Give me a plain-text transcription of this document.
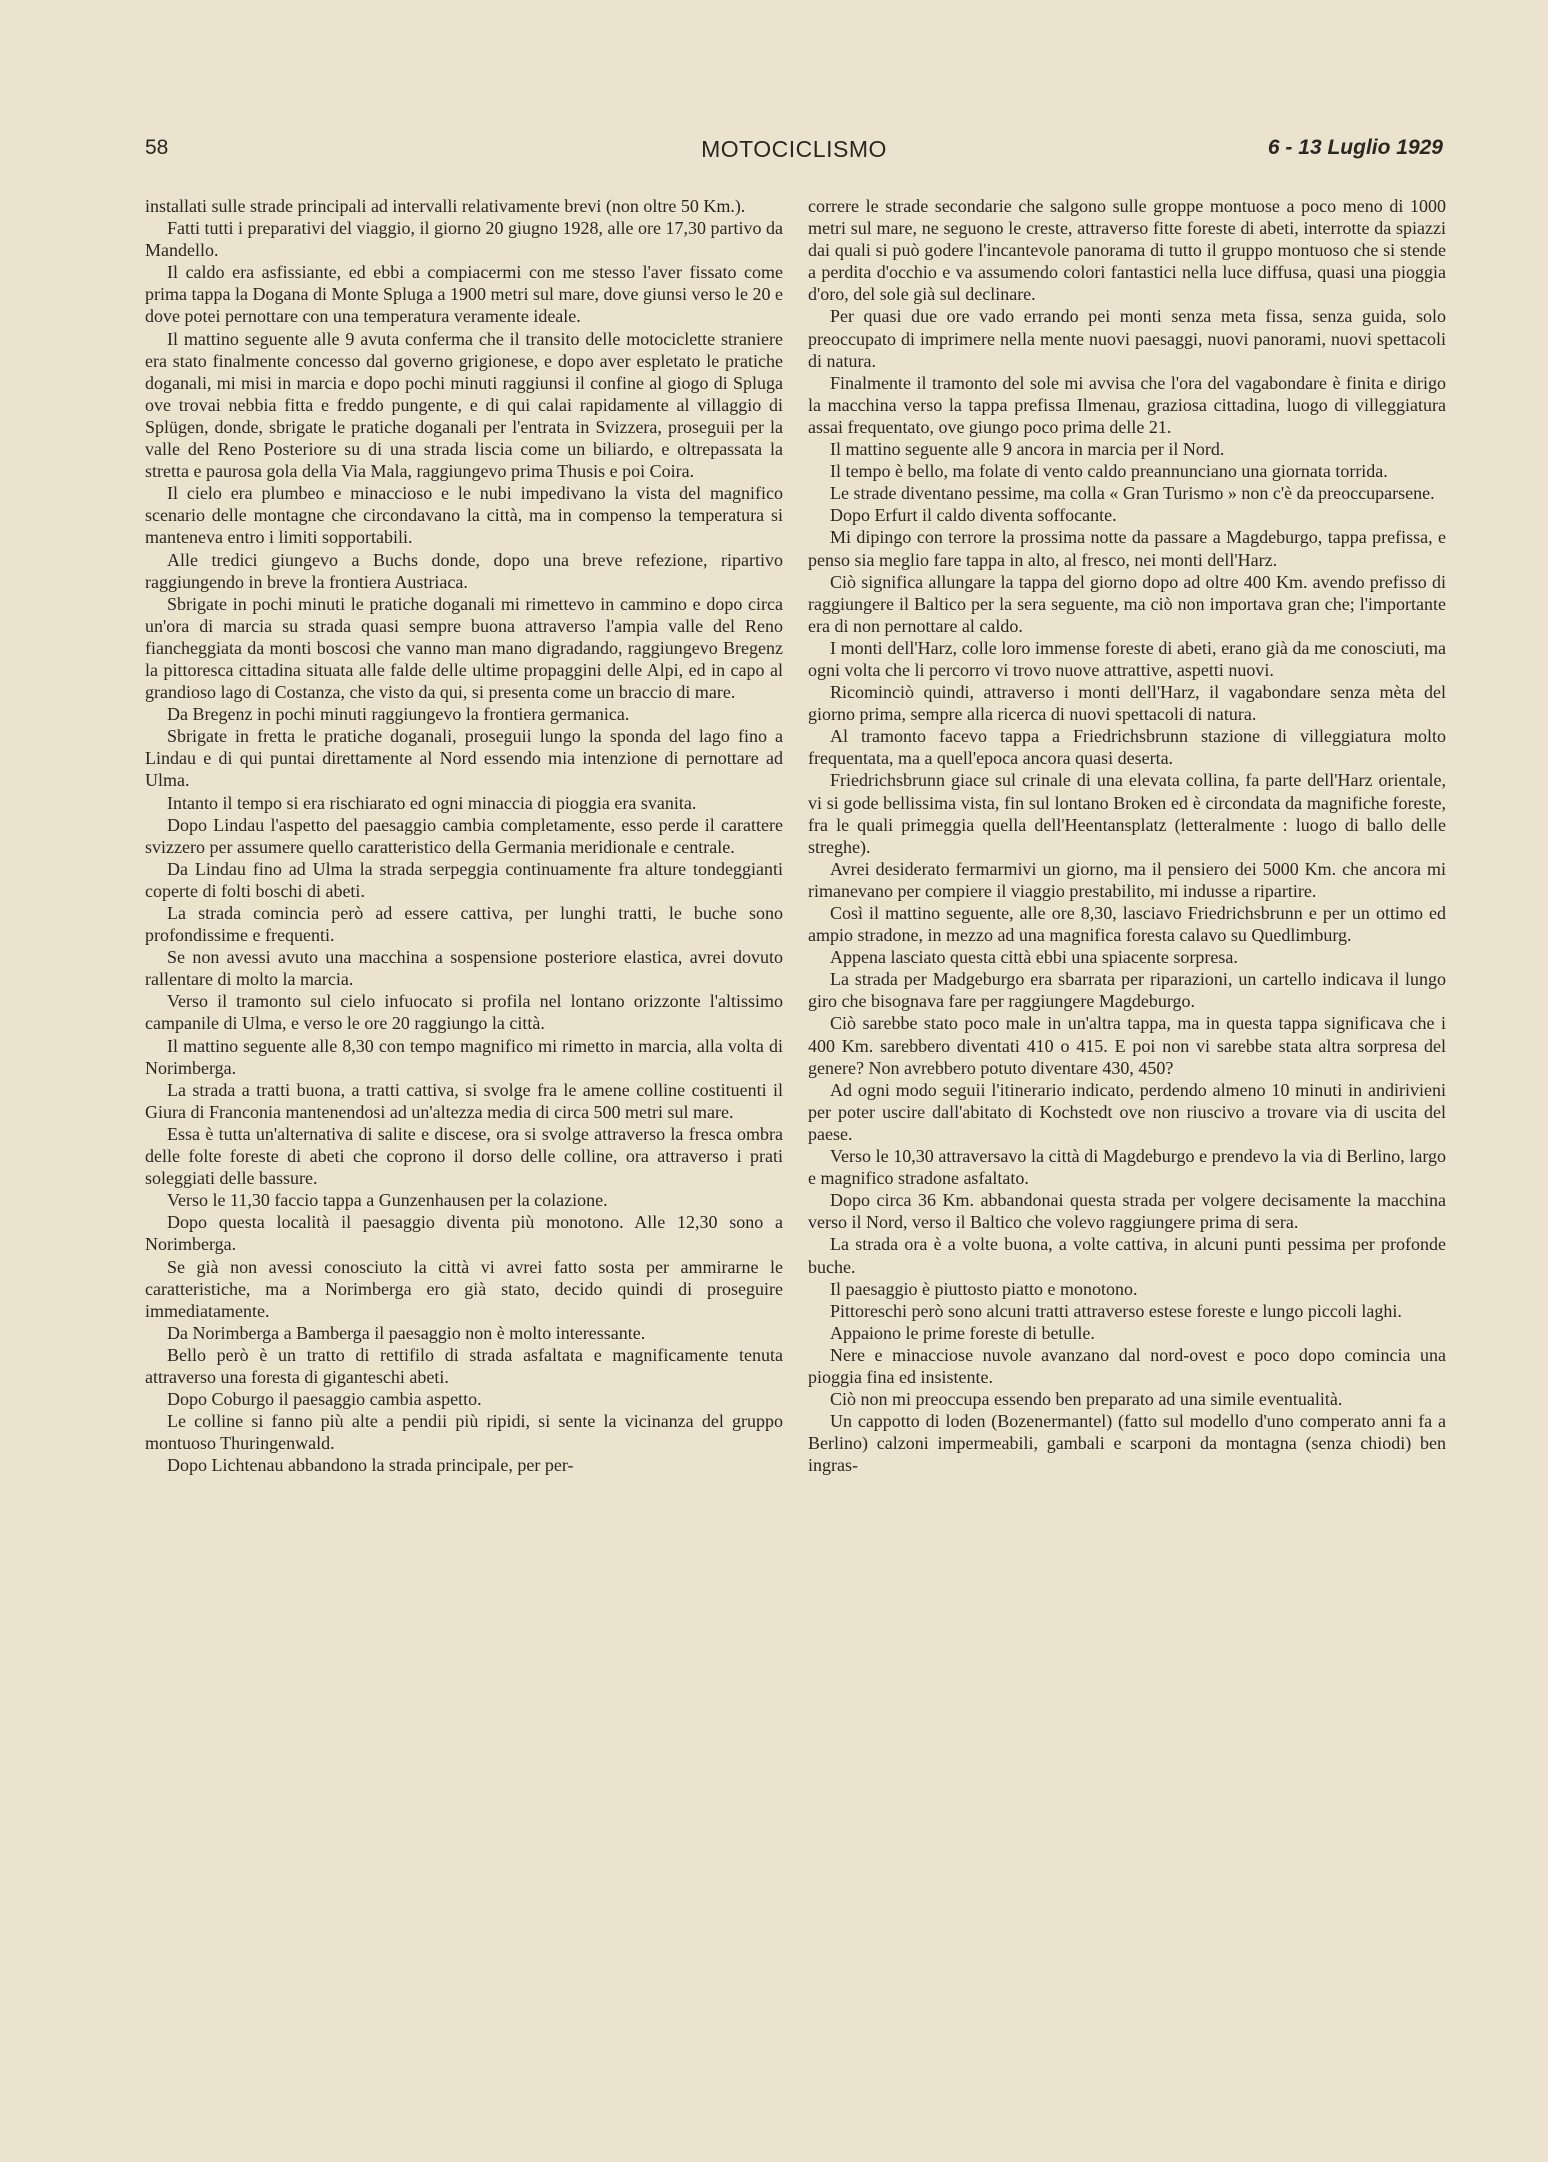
58	MOTOCICLISMO	6 - 13 Luglio 1929

installati sulle strade principali ad intervalli relativamente brevi (non oltre 50 Km.).

Fatti tutti i preparativi del viaggio, il giorno 20 giugno 1928, alle ore 17,30 partivo da Mandello.

Il caldo era asfissiante, ed ebbi a compiacermi con me stesso l'aver fissato come prima tappa la Dogana di Monte Spluga a 1900 metri sul mare, dove giunsi verso le 20 e dove potei pernottare con una temperatura veramente ideale.

Il mattino seguente alle 9 avuta conferma che il transito delle motociclette straniere era stato finalmente concesso dal governo grigionese, e dopo aver espletato le pratiche doganali, mi misi in marcia e dopo pochi minuti raggiunsi il confine al giogo di Spluga ove trovai nebbia fitta e freddo pungente, e di qui calai rapidamente al villaggio di Splügen, donde, sbrigate le pratiche doganali per l'entrata in Svizzera, proseguii per la valle del Reno Posteriore su di una strada liscia come un biliardo, e oltrepassata la stretta e paurosa gola della Via Mala, raggiungevo prima Thusis e poi Coira.

Il cielo era plumbeo e minaccioso e le nubi impedivano la vista del magnifico scenario delle montagne che circondavano la città, ma in compenso la temperatura si manteneva entro i limiti sopportabili.

Alle tredici giungevo a Buchs donde, dopo una breve refezione, ripartivo raggiungendo in breve la frontiera Austriaca.

Sbrigate in pochi minuti le pratiche doganali mi rimettevo in cammino e dopo circa un'ora di marcia su strada quasi sempre buona attraverso l'ampia valle del Reno fiancheggiata da monti boscosi che vanno man mano digradando, raggiungevo Bregenz la pittoresca cittadina situata alle falde delle ultime propaggini delle Alpi, ed in capo al grandioso lago di Costanza, che visto da qui, si presenta come un braccio di mare.

Da Bregenz in pochi minuti raggiungevo la frontiera germanica.

Sbrigate in fretta le pratiche doganali, proseguii lungo la sponda del lago fino a Lindau e di qui puntai direttamente al Nord essendo mia intenzione di pernottare ad Ulma.

Intanto il tempo si era rischiarato ed ogni minaccia di pioggia era svanita.

Dopo Lindau l'aspetto del paesaggio cambia completamente, esso perde il carattere svizzero per assumere quello caratteristico della Germania meridionale e centrale.

Da Lindau fino ad Ulma la strada serpeggia continuamente fra alture tondeggianti coperte di folti boschi di abeti.

La strada comincia però ad essere cattiva, per lunghi tratti, le buche sono profondissime e frequenti.

Se non avessi avuto una macchina a sospensione posteriore elastica, avrei dovuto rallentare di molto la marcia.

Verso il tramonto sul cielo infuocato si profila nel lontano orizzonte l'altissimo campanile di Ulma, e verso le ore 20 raggiungo la città.

Il mattino seguente alle 8,30 con tempo magnifico mi rimetto in marcia, alla volta di Norimberga.

La strada a tratti buona, a tratti cattiva, si svolge fra le amene colline costituenti il Giura di Franconia mantenendosi ad un'altezza media di circa 500 metri sul mare.

Essa è tutta un'alternativa di salite e discese, ora si svolge attraverso la fresca ombra delle folte foreste di abeti che coprono il dorso delle colline, ora attraverso i prati soleggiati delle bassure.

Verso le 11,30 faccio tappa a Gunzenhausen per la colazione.

Dopo questa località il paesaggio diventa più monotono. Alle 12,30 sono a Norimberga.

Se già non avessi conosciuto la città vi avrei fatto sosta per ammirarne le caratteristiche, ma a Norimberga ero già stato, decido quindi di proseguire immediatamente.

Da Norimberga a Bamberga il paesaggio non è molto interessante.

Bello però è un tratto di rettifilo di strada asfaltata e magnificamente tenuta attraverso una foresta di giganteschi abeti.

Dopo Coburgo il paesaggio cambia aspetto.

Le colline si fanno più alte a pendii più ripidi, si sente la vicinanza del gruppo montuoso Thuringenwald.

Dopo Lichtenau abbandono la strada principale, per per-

correre le strade secondarie che salgono sulle groppe montuose a poco meno di 1000 metri sul mare, ne seguono le creste, attraverso fitte foreste di abeti, interrotte da spiazzi dai quali si può godere l'incantevole panorama di tutto il gruppo montuoso che si stende a perdita d'occhio e va assumendo colori fantastici nella luce diffusa, quasi una pioggia d'oro, del sole già sul declinare.

Per quasi due ore vado errando pei monti senza meta fissa, senza guida, solo preoccupato di imprimere nella mente nuovi paesaggi, nuovi panorami, nuovi spettacoli di natura.

Finalmente il tramonto del sole mi avvisa che l'ora del vagabondare è finita e dirigo la macchina verso la tappa prefissa Ilmenau, graziosa cittadina, luogo di villeggiatura assai frequentato, ove giungo poco prima delle 21.

Il mattino seguente alle 9 ancora in marcia per il Nord.

Il tempo è bello, ma folate di vento caldo preannunciano una giornata torrida.

Le strade diventano pessime, ma colla « Gran Turismo » non c'è da preoccuparsene.

Dopo Erfurt il caldo diventa soffocante.

Mi dipingo con terrore la prossima notte da passare a Magdeburgo, tappa prefissa, e penso sia meglio fare tappa in alto, al fresco, nei monti dell'Harz.

Ciò significa allungare la tappa del giorno dopo ad oltre 400 Km. avendo prefisso di raggiungere il Baltico per la sera seguente, ma ciò non importava gran che; l'importante era di non pernottare al caldo.

I monti dell'Harz, colle loro immense foreste di abeti, erano già da me conosciuti, ma ogni volta che li percorro vi trovo nuove attrattive, aspetti nuovi.

Ricominciò quindi, attraverso i monti dell'Harz, il vagabondare senza mèta del giorno prima, sempre alla ricerca di nuovi spettacoli di natura.

Al tramonto facevo tappa a Friedrichsbrunn stazione di villeggiatura molto frequentata, ma a quell'epoca ancora quasi deserta.

Friedrichsbrunn giace sul crinale di una elevata collina, fa parte dell'Harz orientale, vi si gode bellissima vista, fin sul lontano Broken ed è circondata da magnifiche foreste, fra le quali primeggia quella dell'Heentansplatz (letteralmente : luogo di ballo delle streghe).

Avrei desiderato fermarmivi un giorno, ma il pensiero dei 5000 Km. che ancora mi rimanevano per compiere il viaggio prestabilito, mi indusse a ripartire.

Così il mattino seguente, alle ore 8,30, lasciavo Friedrichsbrunn e per un ottimo ed ampio stradone, in mezzo ad una magnifica foresta calavo su Quedlimburg.

Appena lasciato questa città ebbi una spiacente sorpresa.

La strada per Madgeburgo era sbarrata per riparazioni, un cartello indicava il lungo giro che bisognava fare per raggiungere Magdeburgo.

Ciò sarebbe stato poco male in un'altra tappa, ma in questa tappa significava che i 400 Km. sarebbero diventati 410 o 415. E poi non vi sarebbe stata altra sorpresa del genere? Non avrebbero potuto diventare 430, 450?

Ad ogni modo seguii l'itinerario indicato, perdendo almeno 10 minuti in andirivieni per poter uscire dall'abitato di Kochstedt ove non riuscivo a trovare via di uscita del paese.

Verso le 10,30 attraversavo la città di Magdeburgo e prendevo la via di Berlino, largo e magnifico stradone asfaltato.

Dopo circa 36 Km. abbandonai questa strada per volgere decisamente la macchina verso il Nord, verso il Baltico che volevo raggiungere prima di sera.

La strada ora è a volte buona, a volte cattiva, in alcuni punti pessima per profonde buche.

Il paesaggio è piuttosto piatto e monotono.

Pittoreschi però sono alcuni tratti attraverso estese foreste e lungo piccoli laghi.

Appaiono le prime foreste di betulle.

Nere e minacciose nuvole avanzano dal nord-ovest e poco dopo comincia una pioggia fina ed insistente.

Ciò non mi preoccupa essendo ben preparato ad una simile eventualità.

Un cappotto di loden (Bozenermantel) (fatto sul modello d'uno comperato anni fa a Berlino) calzoni impermeabili, gambali e scarponi da montagna (senza chiodi) ben ingras-
